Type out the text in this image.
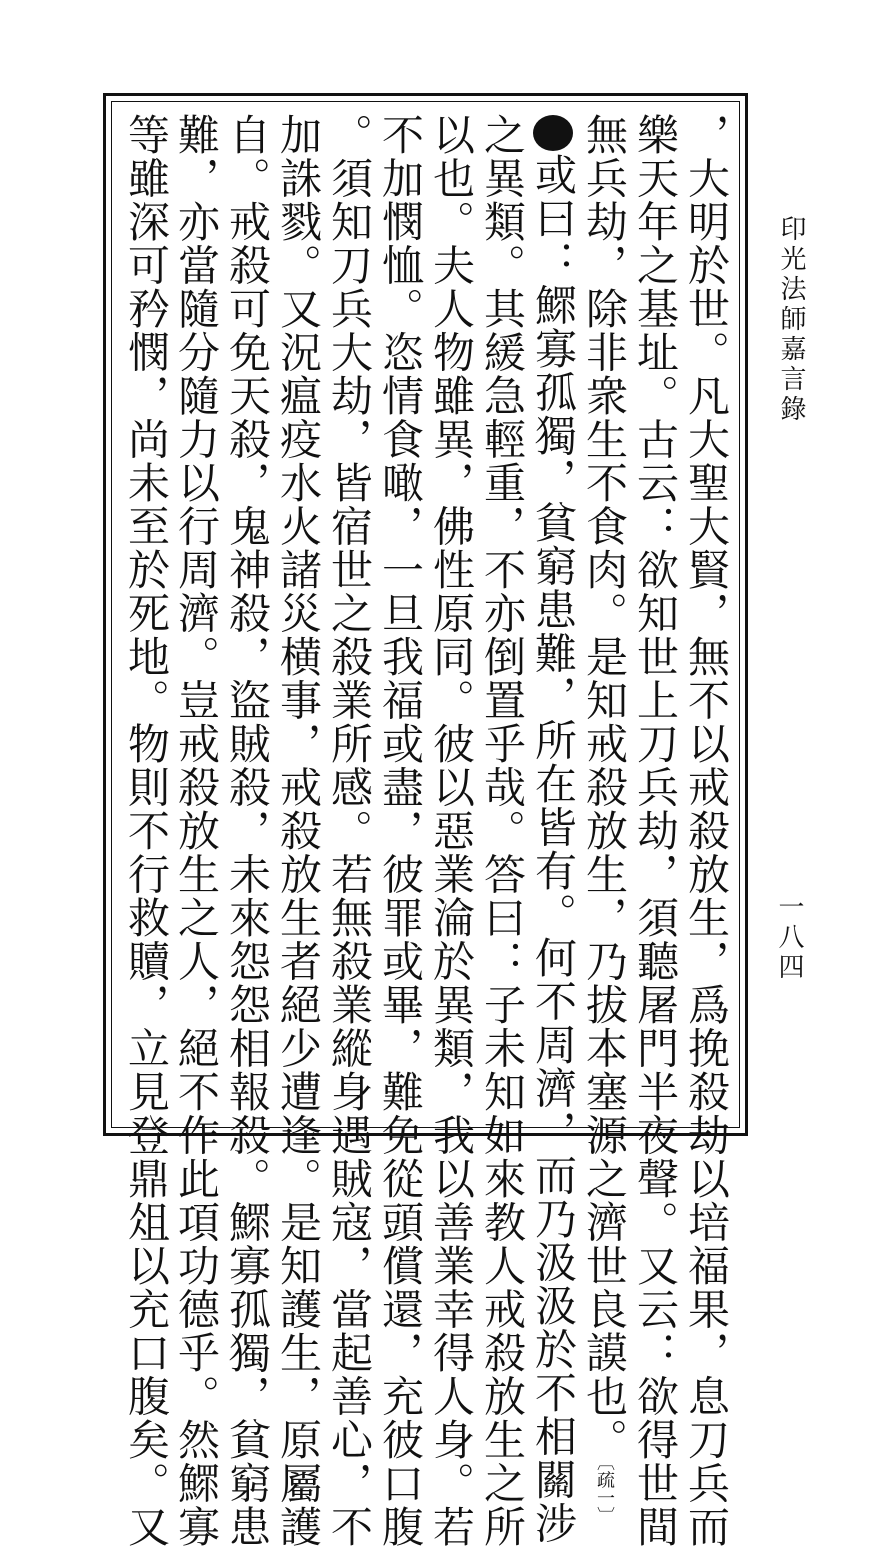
，大明於世。凡大聖大賢，無不以戒殺放生，爲挽殺劫以培福果，息刀兵而
樂天年之基址。古云：欲知世上刀兵劫，須聽屠門半夜聲。又云：欲得世間
無兵劫，除非衆生不食肉。是知戒殺放生，乃拔本塞源之濟世良謨也。〔疏一〕
或曰：鰥寡孤獨，貧窮患難，所在皆有。何不周濟，而乃汲汲於不相關涉
之異類。其緩急輕重，不亦倒置乎哉。答曰：子未知如來教人戒殺放生之所
以也。夫人物雖異，佛性原同。彼以惡業淪於異類，我以善業幸得人身。若
不加憫恤。恣情食噉，一旦我福或盡，彼罪或畢，難免從頭償還，充彼口腹
。須知刀兵大劫，皆宿世之殺業所感。若無殺業縱身遇賊寇，當起善心，不
加誅戮。又況瘟疫水火諸災横事，戒殺放生者絕少遭逢。是知護生，原屬護
自。戒殺可免天殺，鬼神殺，盜賊殺，未來怨怨相報殺。鰥寡孤獨，貧窮患
難，亦當隨分隨力以行周濟。豈戒殺放生之人，絕不作此項功德乎。然鰥寡
等雖深可矜憫，尚未至於死地。物則不行救贖，立見登鼎俎以充口腹矣。又	印光法師嘉言錄
一八四
